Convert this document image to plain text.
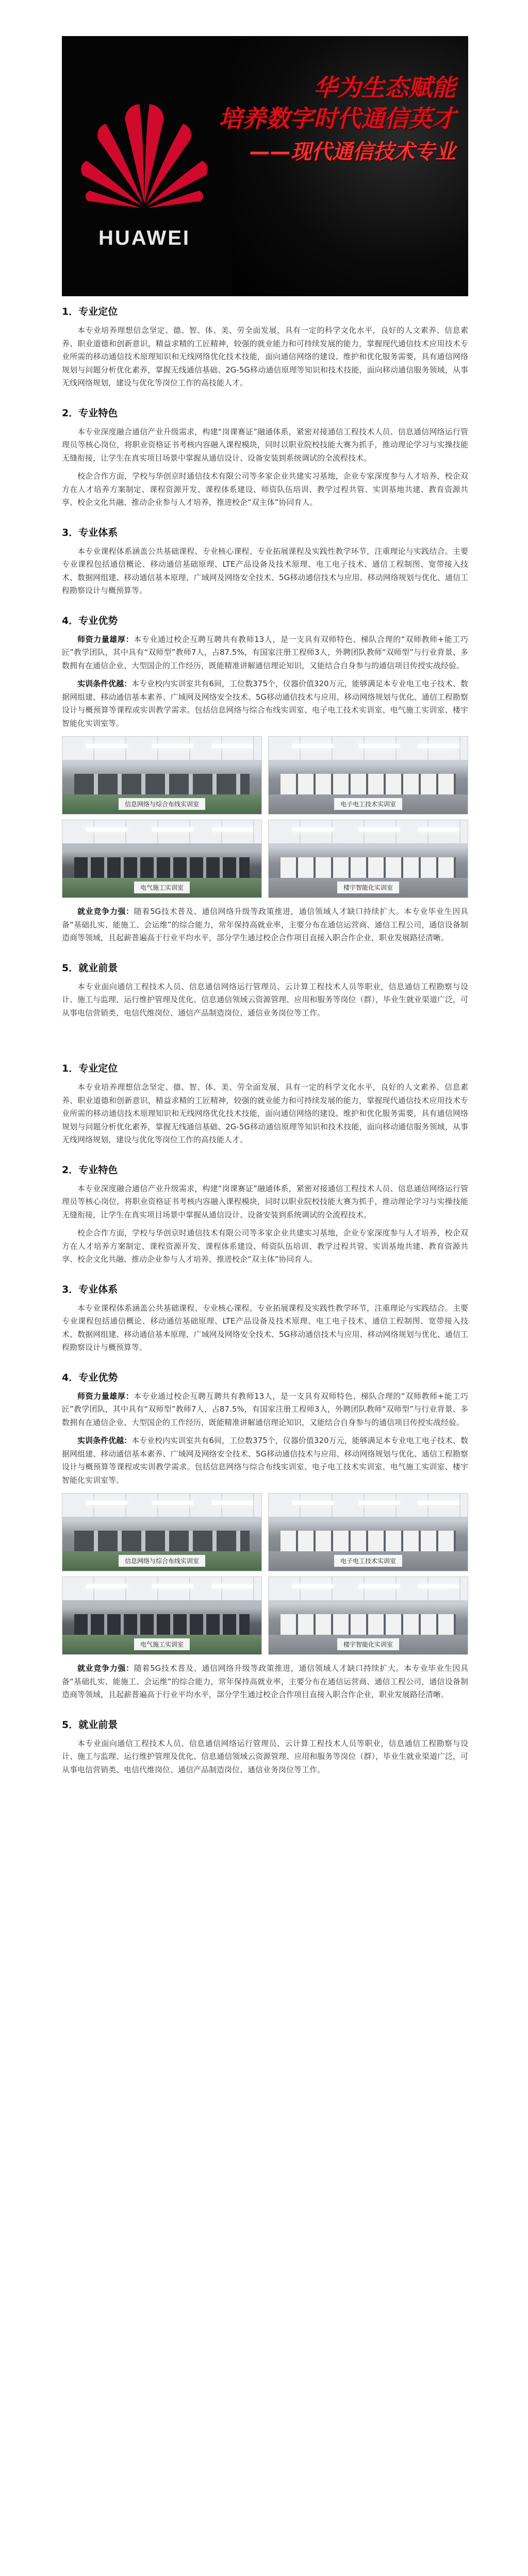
HUAWEI
华为生态赋能
培养数字时代通信英才
——现代通信技术专业
1．专业定位

本专业培养理想信念坚定、德、智、体、美、劳全面发展，具有一定的科学文化水平，良好的人文素养、信息素养、职业道德和创新意识，精益求精的工匠精神，较强的就业能力和可持续发展的能力，掌握现代通信技术应用技术专业所需的移动通信技术原理知识和无线网络优化技术技能，面向通信网络的建设、维护和优化服务需要，具有通信网络规划与问题分析优化素养，掌握无线通信基础、2G-5G移动通信原理等知识和技术技能，面向移动通信服务领域，从事无线网络规划，建设与优化等岗位工作的高技能人才。

2．专业特色

本专业深度融合通信产业升级需求，构建“岗课赛证”融通体系，紧密对接通信工程技术人员、信息通信网络运行管理员等核心岗位，将职业资格证书考核内容融入课程模块，同时以职业院校技能大赛为抓手，推动理论学习与实操技能无缝衔接，让学生在真实项目场景中掌握从通信设计、设备安装到系统调试的全流程技术。

校企合作方面，学校与华创京时通信技术有限公司等多家企业共建实习基地，企业专家深度参与人才培养，校企双方在人才培养方案制定、课程资源开发、课程体系建设、师资队伍培训、教学过程共管、实训基地共建、教育资源共享、校企文化共融、推动企业参与人才培养，推进校企“双主体”协同育人。

3．专业体系

本专业课程体系涵盖公共基础课程、专业核心课程、专业拓展课程及实践性教学环节，注重理论与实践结合。主要专业课程包括通信概论、移动通信基础原理、LTE产品设备及技术原理、电工电子技术、通信工程制图、宽带接入技术、数据网组建、移动通信基本原理、广域网及网络安全技术、5G移动通信技术与应用、移动网络规划与优化、通信工程勘察设计与概预算等。

4．专业优势

师资力量雄厚：本专业通过校企互聘互聘共有教师13人，是一支具有双师特色、梯队合理的“双师教师+能工巧匠”教学团队，其中具有“双师型”教师7人，占87.5%，有国家注册工程师3人，外聘团队教师“双师型”与行业背景、多数拥有在通信企业、大型国企的工作经历，既能精准讲解通信理论知识，又能结合自身参与的通信项目传授实战经验。

实训条件优越：本专业校内实训室共有6间，工位数375个，仪器价值320万元，能够满足本专业电工电子技术、数据网组建、移动通信基本素养、广域网及网络安全技术、5G移动通信技术与应用、移动网络规划与优化、通信工程勘察设计与概预算等课程或实训教学需求。包括信息网络与综合布线实训室、电子电工技术实训室、电气施工实训室、楼宇智能化实训室等。

信息网络与综合布线实训室	电子电工技术实训室
电气施工实训室	楼宇智能化实训室

就业竞争力强：随着5G技术普及、通信网络升级等政策推进，通信领域人才缺口持续扩大。本专业毕业生因具备“基础扎实、能施工、会运维”的综合能力，常年保持高就业率，主要分布在通信运营商、通信工程公司，通信设备制造商等领域，且起薪普遍高于行业平均水平，部分学生通过校企合作项目直接入职合作企业，职业发展路径清晰。

5．就业前景

本专业面向通信工程技术人员、信息通信网络运行管理员、云计算工程技术人员等职业，信息通信工程勘察与设计、施工与监理、运行维护管理及优化、信息通信领域云资源管理、应用和服务等岗位（群），毕业生就业渠道广泛，可从事电信营销类、电信代维岗位、通信产品制造岗位、通信业务岗位等工作。

1．专业定位

本专业培养理想信念坚定、德、智、体、美、劳全面发展，具有一定的科学文化水平，良好的人文素养、信息素养、职业道德和创新意识，精益求精的工匠精神，较强的就业能力和可持续发展的能力，掌握现代通信技术应用技术专业所需的移动通信技术原理知识和无线网络优化技术技能，面向通信网络的建设、维护和优化服务需要，具有通信网络规划与问题分析优化素养，掌握无线通信基础、2G-5G移动通信原理等知识和技术技能，面向移动通信服务领域，从事无线网络规划，建设与优化等岗位工作的高技能人才。

2．专业特色

本专业深度融合通信产业升级需求，构建“岗课赛证”融通体系，紧密对接通信工程技术人员、信息通信网络运行管理员等核心岗位，将职业资格证书考核内容融入课程模块，同时以职业院校技能大赛为抓手，推动理论学习与实操技能无缝衔接，让学生在真实项目场景中掌握从通信设计、设备安装到系统调试的全流程技术。

校企合作方面，学校与华创京时通信技术有限公司等多家企业共建实习基地，企业专家深度参与人才培养，校企双方在人才培养方案制定、课程资源开发、课程体系建设、师资队伍培训、教学过程共管、实训基地共建、教育资源共享、校企文化共融、推动企业参与人才培养，推进校企“双主体”协同育人。

3．专业体系

本专业课程体系涵盖公共基础课程、专业核心课程、专业拓展课程及实践性教学环节，注重理论与实践结合。主要专业课程包括通信概论、移动通信基础原理、LTE产品设备及技术原理、电工电子技术、通信工程制图、宽带接入技术、数据网组建、移动通信基本原理、广域网及网络安全技术、5G移动通信技术与应用、移动网络规划与优化、通信工程勘察设计与概预算等。

4．专业优势

师资力量雄厚：本专业通过校企互聘互聘共有教师13人，是一支具有双师特色、梯队合理的“双师教师+能工巧匠”教学团队，其中具有“双师型”教师7人，占87.5%，有国家注册工程师3人，外聘团队教师“双师型”与行业背景、多数拥有在通信企业、大型国企的工作经历，既能精准讲解通信理论知识，又能结合自身参与的通信项目传授实战经验。

实训条件优越：本专业校内实训室共有6间，工位数375个，仪器价值320万元，能够满足本专业电工电子技术、数据网组建、移动通信基本素养、广域网及网络安全技术、5G移动通信技术与应用、移动网络规划与优化、通信工程勘察设计与概预算等课程或实训教学需求。包括信息网络与综合布线实训室、电子电工技术实训室、电气施工实训室、楼宇智能化实训室等。

信息网络与综合布线实训室	电子电工技术实训室
电气施工实训室	楼宇智能化实训室

就业竞争力强：随着5G技术普及、通信网络升级等政策推进，通信领域人才缺口持续扩大。本专业毕业生因具备“基础扎实、能施工、会运维”的综合能力，常年保持高就业率，主要分布在通信运营商、通信工程公司，通信设备制造商等领域，且起薪普遍高于行业平均水平，部分学生通过校企合作项目直接入职合作企业，职业发展路径清晰。

5．就业前景

本专业面向通信工程技术人员、信息通信网络运行管理员、云计算工程技术人员等职业，信息通信工程勘察与设计、施工与监理、运行维护管理及优化、信息通信领域云资源管理、应用和服务等岗位（群），毕业生就业渠道广泛，可从事电信营销类、电信代维岗位、通信产品制造岗位、通信业务岗位等工作。
